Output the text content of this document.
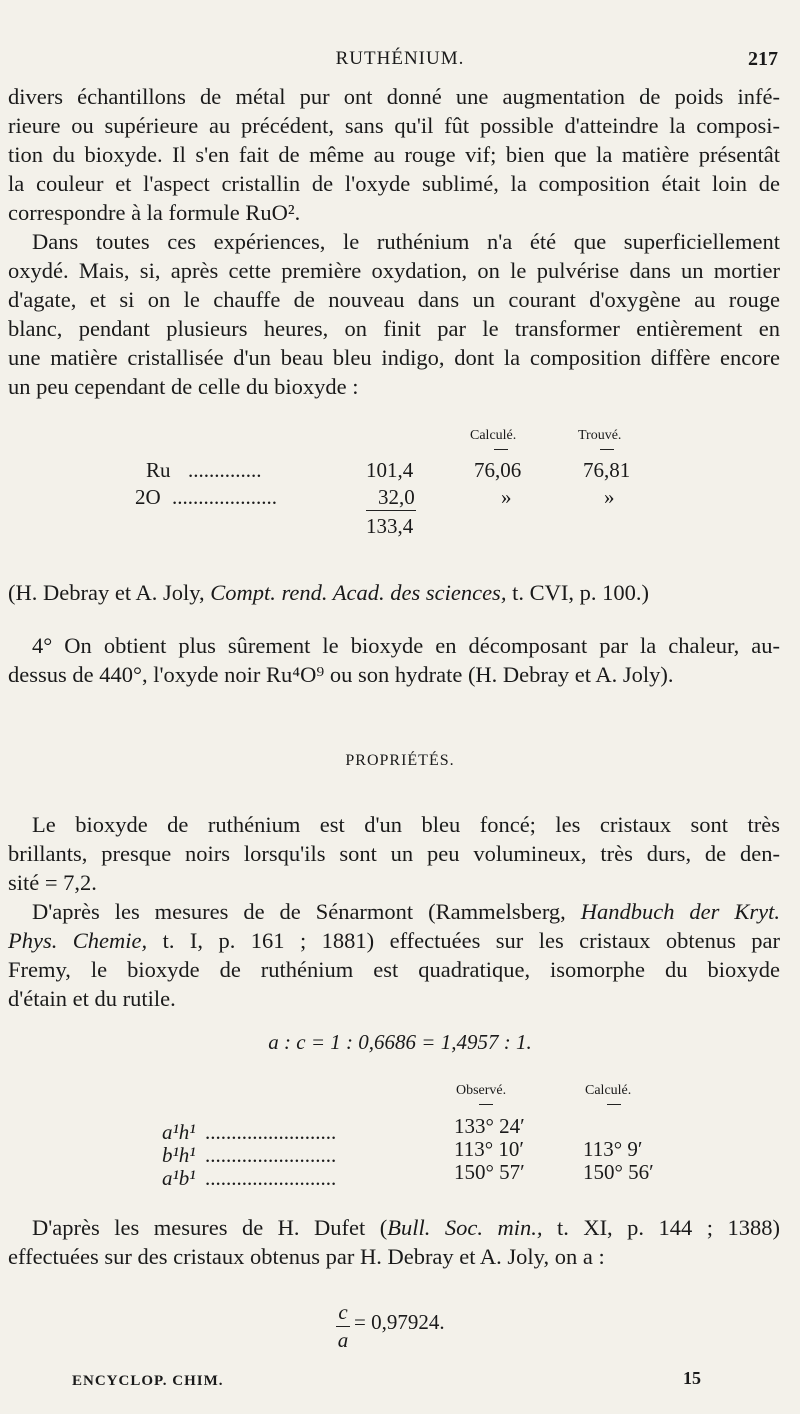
RUTHÉNIUM.	217
divers échantillons de métal pur ont donné une augmentation de poids infé-
rieure ou supérieure au précédent, sans qu'il fût possible d'atteindre la composi-
tion du bioxyde. Il s'en fait de même au rouge vif; bien que la matière présentât
la couleur et l'aspect cristallin de l'oxyde sublimé, la composition était loin de
correspondre à la formule RuO².
Dans toutes ces expériences, le ruthénium n'a été que superficiellement
oxydé. Mais, si, après cette première oxydation, on le pulvérise dans un mortier
d'agate, et si on le chauffe de nouveau dans un courant d'oxygène au rouge
blanc, pendant plusieurs heures, on finit par le transformer entièrement en
une matière cristallisée d'un beau bleu indigo, dont la composition diffère encore
un peu cependant de celle du bioxyde :
Calculé.	Trouvé.
Ru ..............	101,4	76,06	76,81
2O ....................	32,0	»	»
133,4
(H. Debray et A. Joly, Compt. rend. Acad. des sciences, t. CVI, p. 100.)
4° On obtient plus sûrement le bioxyde en décomposant par la chaleur, au-
dessus de 440°, l'oxyde noir Ru⁴O⁹ ou son hydrate (H. Debray et A. Joly).
PROPRIÉTÉS.
Le bioxyde de ruthénium est d'un bleu foncé; les cristaux sont très
brillants, presque noirs lorsqu'ils sont un peu volumineux, très durs, de den-
sité = 7,2.
D'après les mesures de de Sénarmont (Rammelsberg, Handbuch der Kryt.
Phys. Chemie, t. I, p. 161 ; 1881) effectuées sur les cristaux obtenus par
Fremy, le bioxyde de ruthénium est quadratique, isomorphe du bioxyde
d'étain et du rutile.
a : c = 1 : 0,6686 = 1,4957 : 1.
Observé.	Calculé.
a¹h¹ .........................	133° 24′
b¹h¹ .........................	113° 10′	113° 9′
a¹b¹ .........................	150° 57′	150° 56′
D'après les mesures de H. Dufet (Bull. Soc. min., t. XI, p. 144 ; 1388)
effectuées sur des cristaux obtenus par H. Debray et A. Joly, on a :
c
a
= 0,97924.
ENCYCLOP. CHIM.	15
